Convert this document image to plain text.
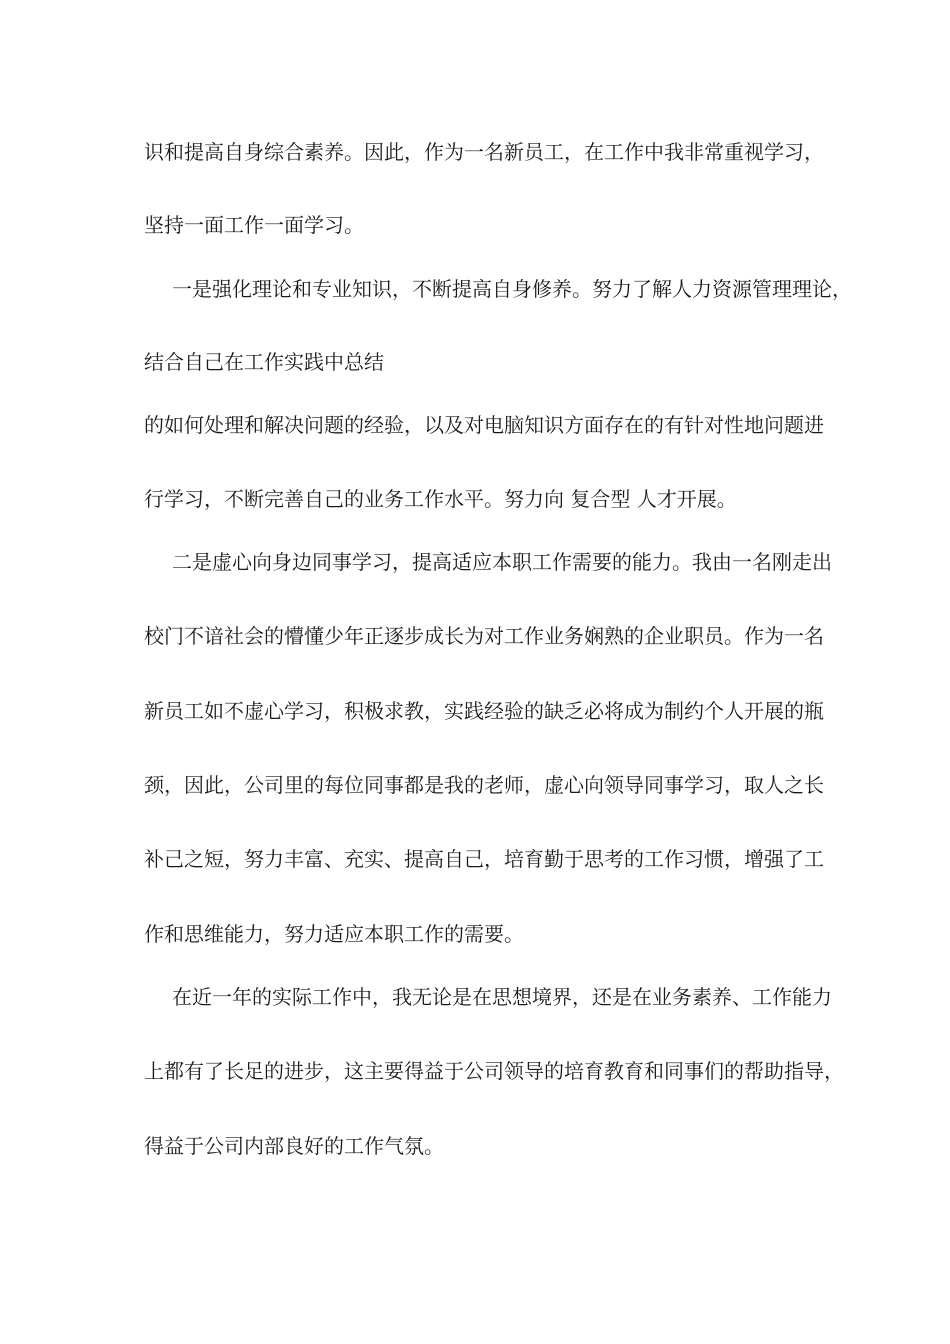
识和提高自身综合素养。因此，作为一名新员工，在工作中我非常重视学习，
坚持一面工作一面学习。
一是强化理论和专业知识，不断提高自身修养。努力了解人力资源管理理论，
结合自己在工作实践中总结
的如何处理和解决问题的经验，以及对电脑知识方面存在的有针对性地问题进
行学习，不断完善自己的业务工作水平。努力向 复合型 人才开展。
二是虚心向身边同事学习，提高适应本职工作需要的能力。我由一名刚走出
校门不谙社会的懵懂少年正逐步成长为对工作业务娴熟的企业职员。作为一名
新员工如不虚心学习，积极求教，实践经验的缺乏必将成为制约个人开展的瓶
颈，因此，公司里的每位同事都是我的老师，虚心向领导同事学习，取人之长
补己之短，努力丰富、充实、提高自己，培育勤于思考的工作习惯，增强了工
作和思维能力，努力适应本职工作的需要。
在近一年的实际工作中，我无论是在思想境界，还是在业务素养、工作能力
上都有了长足的进步，这主要得益于公司领导的培育教育和同事们的帮助指导，
得益于公司内部良好的工作气氛。
